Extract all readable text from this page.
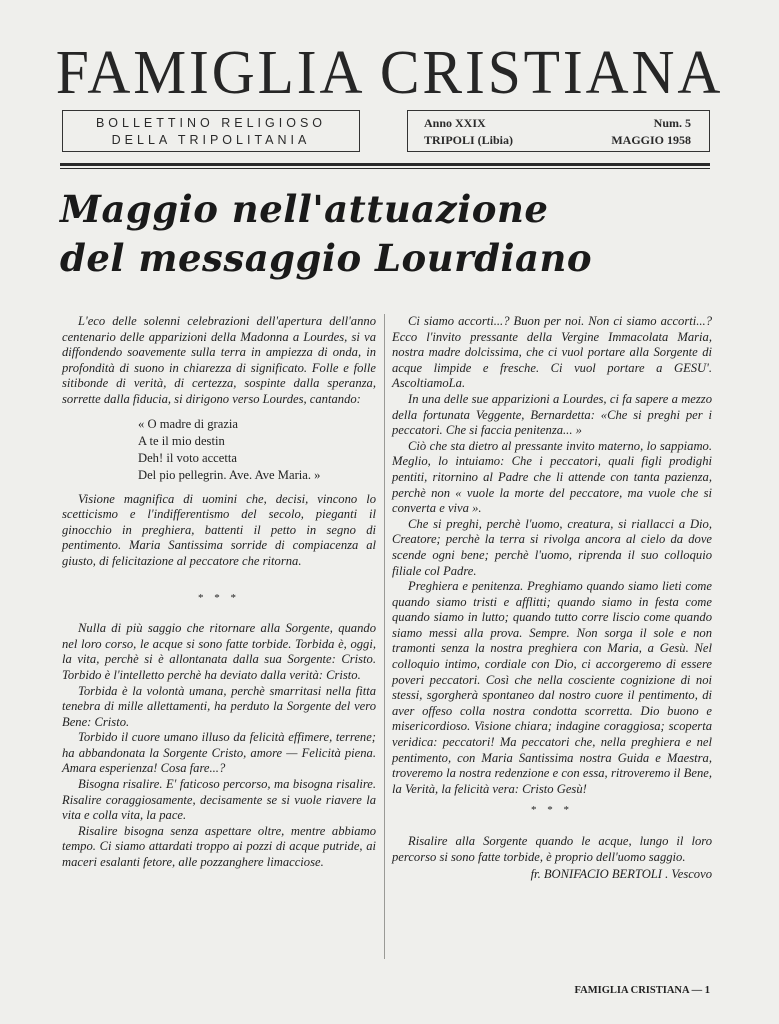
FAMIGLIA CRISTIANA
BOLLETTINO RELIGIOSO
DELLA TRIPOLITANIA
Anno XXIX	Num. 5
TRIPOLI (Libia)	MAGGIO 1958
Maggio nell'attuazione
del messaggio Lourdiano

L'eco delle solenni celebrazioni dell'apertura dell'anno centenario delle apparizioni della Madonna a Lourdes, si va diffondendo soavemente sulla terra in ampiezza di onda, in profondità di suono in chiarezza di significato. Folle e folle sitibonde di verità, di certezza, sospinte dalla speranza, sorrette dalla fiducia, si dirigono verso Lourdes, cantando:

« O madre di grazia
A te il mio destin
Deh! il voto accetta
Del pio pellegrin. Ave. Ave Maria. »

Visione magnifica di uomini che, decisi, vincono lo scetticismo e l'indifferentismo del secolo, pieganti il ginocchio in preghiera, battenti il petto in segno di pentimento. Maria Santissima sorride di compiacenza al giusto, di felicitazione al peccatore che ritorna.

* * *

Nulla di più saggio che ritornare alla Sorgente, quando nel loro corso, le acque si sono fatte torbide. Torbida è, oggi, la vita, perchè si è allontanata dalla sua Sorgente: Cristo. Torbido è l'intelletto perchè ha deviato dalla verità: Cristo.

Torbida è la volontà umana, perchè smarritasi nella fitta tenebra di mille allettamenti, ha perduto la Sorgente del vero Bene: Cristo.

Torbido il cuore umano illuso da felicità effimere, terrene; ha abbandonata la Sorgente Cristo, amore — Felicità piena. Amara esperienza! Cosa fare...?

Bisogna risalire. E' faticoso percorso, ma bisogna risalire. Risalire coraggiosamente, decisamente se si vuole riavere la vita e colla vita, la pace.

Risalire bisogna senza aspettare oltre, mentre abbiamo tempo. Ci siamo attardati troppo ai pozzi di acque putride, ai maceri esalanti fetore, alle pozzanghere limacciose.

Ci siamo accorti...? Buon per noi. Non ci siamo accorti...? Ecco l'invito pressante della Vergine Immacolata Maria, nostra madre dolcissima, che ci vuol portare alla Sorgente di acque limpide e fresche. Ci vuol portare a GESU'. AscoltiamoLa.

In una delle sue apparizioni a Lourdes, ci fa sapere a mezzo della fortunata Veggente, Bernardetta: «Che si preghi per i peccatori. Che si faccia penitenza... »

Ciò che sta dietro al pressante invito materno, lo sappiamo. Meglio, lo intuiamo: Che i peccatori, quali figli prodighi pentiti, ritornino al Padre che li attende con tanta pazienza, perchè non « vuole la morte del peccatore, ma vuole che si converta e viva ».

Che si preghi, perchè l'uomo, creatura, si riallacci a Dio, Creatore; perchè la terra si rivolga ancora al cielo da dove scende ogni bene; perchè l'uomo, riprenda il suo colloquio filiale col Padre.

Preghiera e penitenza. Preghiamo quando siamo lieti come quando siamo tristi e afflitti; quando siamo in festa come quando siamo in lutto; quando tutto corre liscio come quando siamo messi alla prova. Sempre. Non sorga il sole e non tramonti senza la nostra preghiera con Maria, a Gesù. Nel colloquio intimo, cordiale con Dio, ci accorgeremo di essere poveri peccatori. Così che nella cosciente cognizione di noi stessi, sgorgherà spontaneo dal nostro cuore il pentimento, di aver offeso colla nostra condotta scorretta. Dio buono e misericordioso. Visione chiara; indagine coraggiosa; scoperta veridica: peccatori! Ma peccatori che, nella preghiera e nel pentimento, con Maria Santissima nostra Guida e Maestra, troveremo la nostra redenzione e con essa, ritroveremo il Bene, la Verità, la felicità vera: Cristo Gesù!

* * *

Risalire alla Sorgente quando le acque, lungo il loro percorso si sono fatte torbide, è proprio dell'uomo saggio.

fr. BONIFACIO BERTOLI . Vescovo
FAMIGLIA CRISTIANA — 1
